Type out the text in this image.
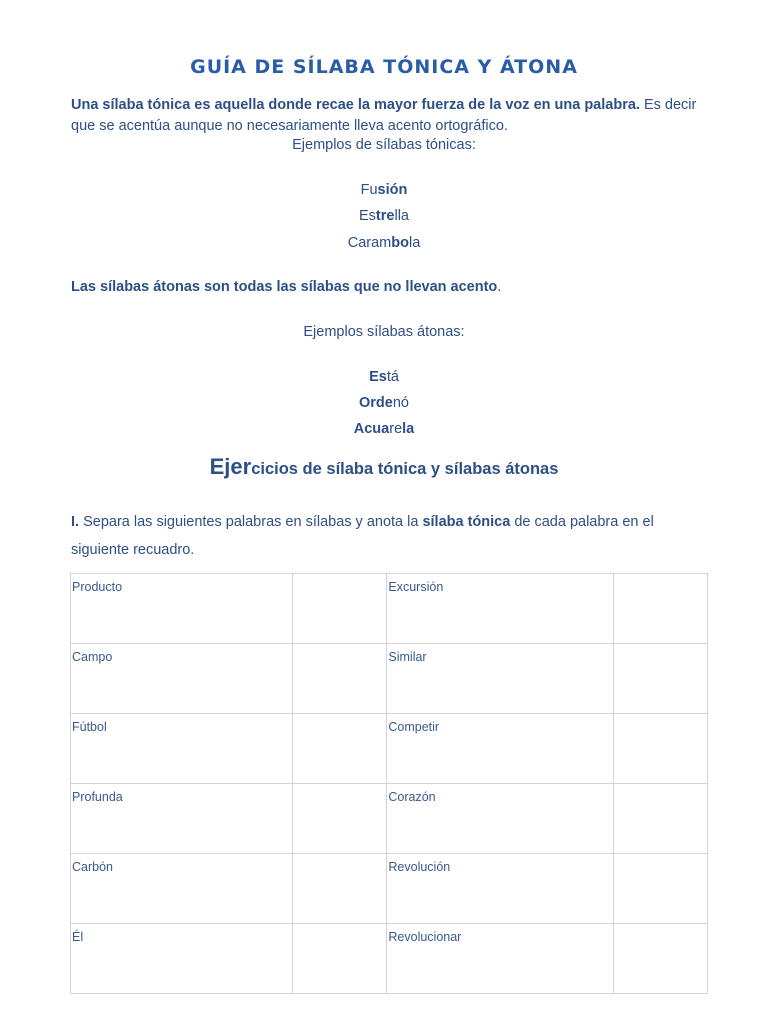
GUÍA DE SÍLABA TÓNICA Y ÁTONA
Una sílaba tónica es aquella donde recae la mayor fuerza de la voz en una palabra. Es decir que se acentúa aunque no necesariamente lleva acento ortográfico.
Ejemplos de sílabas tónicas:
Fusión
Estrella
Carambola
Las sílabas átonas son todas las sílabas que no llevan acento.
Ejemplos sílabas átonas:
Está
Ordenó
Acuarela
Ejercicios de sílaba tónica y sílabas átonas
I. Separa las siguientes palabras en sílabas y anota la sílaba tónica de cada palabra en el siguiente recuadro.
Producto		Excursión	
Campo		Similar	
Fútbol		Competir	
Profunda		Corazón	
Carbón		Revolución	
Él		Revolucionar	
